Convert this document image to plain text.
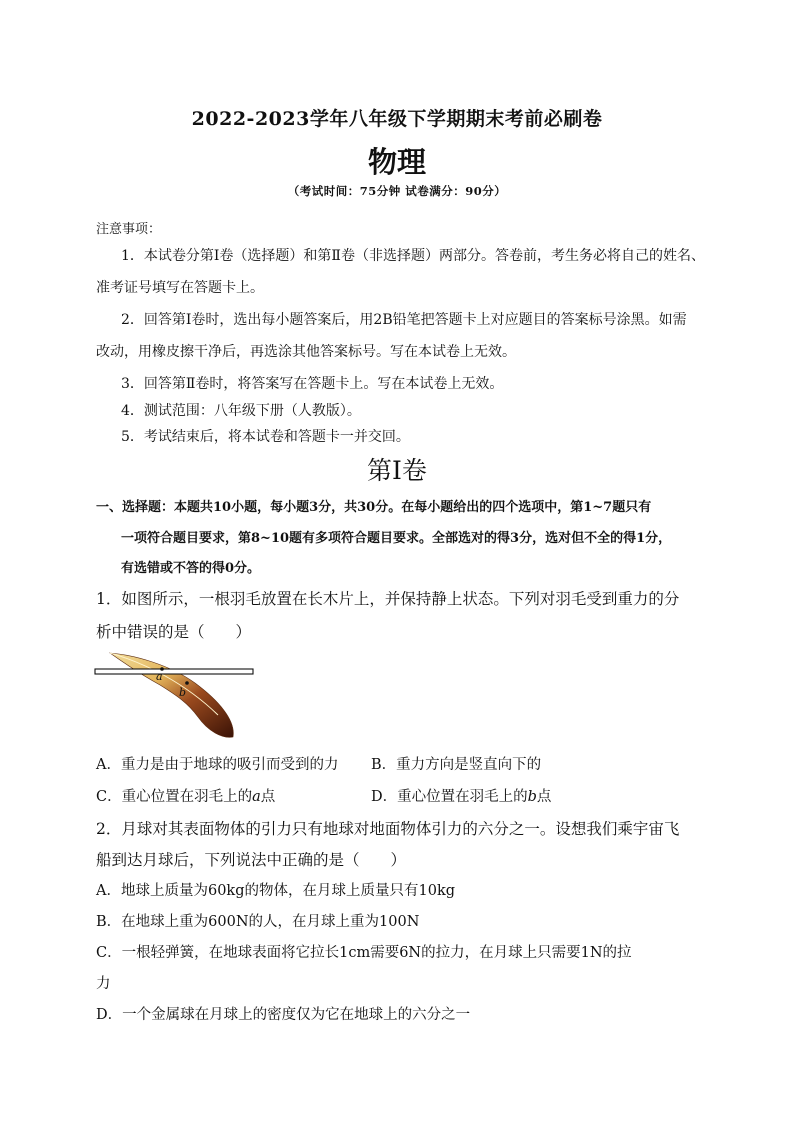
2022-2023学年八年级下学期期末考前必刷卷
物理
（考试时间：75分钟 试卷满分：90分）
注意事项：
1．本试卷分第Ⅰ卷（选择题）和第Ⅱ卷（非选择题）两部分。答卷前，考生务必将自己的姓名、
准考证号填写在答题卡上。
2．回答第Ⅰ卷时，选出每小题答案后，用2B铅笔把答题卡上对应题目的答案标号涂黑。如需
改动，用橡皮擦干净后，再选涂其他答案标号。写在本试卷上无效。
3．回答第Ⅱ卷时，将答案写在答题卡上。写在本试卷上无效。
4．测试范围：八年级下册（人教版）。
5．考试结束后，将本试卷和答题卡一并交回。
第Ⅰ卷
一、选择题：本题共10小题，每小题3分，共30分。在每小题给出的四个选项中，第1~7题只有
一项符合题目要求，第8~10题有多项符合题目要求。全部选对的得3分，选对但不全的得1分，
有选错或不答的得0分。
1．如图所示，一根羽毛放置在长木片上，并保持静上状态。下列对羽毛受到重力的分
析中错误的是（　　）
a
b
A．重力是由于地球的吸引而受到的力 B．重力方向是竖直向下的
C．重心位置在羽毛上的a点	D．重心位置在羽毛上的b点
2．月球对其表面物体的引力只有地球对地面物体引力的六分之一。设想我们乘宇宙飞
船到达月球后，下列说法中正确的是（　　）
A．地球上质量为60kg的物体，在月球上质量只有10kg
B．在地球上重为600N的人，在月球上重为100N
C．一根轻弹簧，在地球表面将它拉长1cm需要6N的拉力，在月球上只需要1N的拉
力
D．一个金属球在月球上的密度仅为它在地球上的六分之一
